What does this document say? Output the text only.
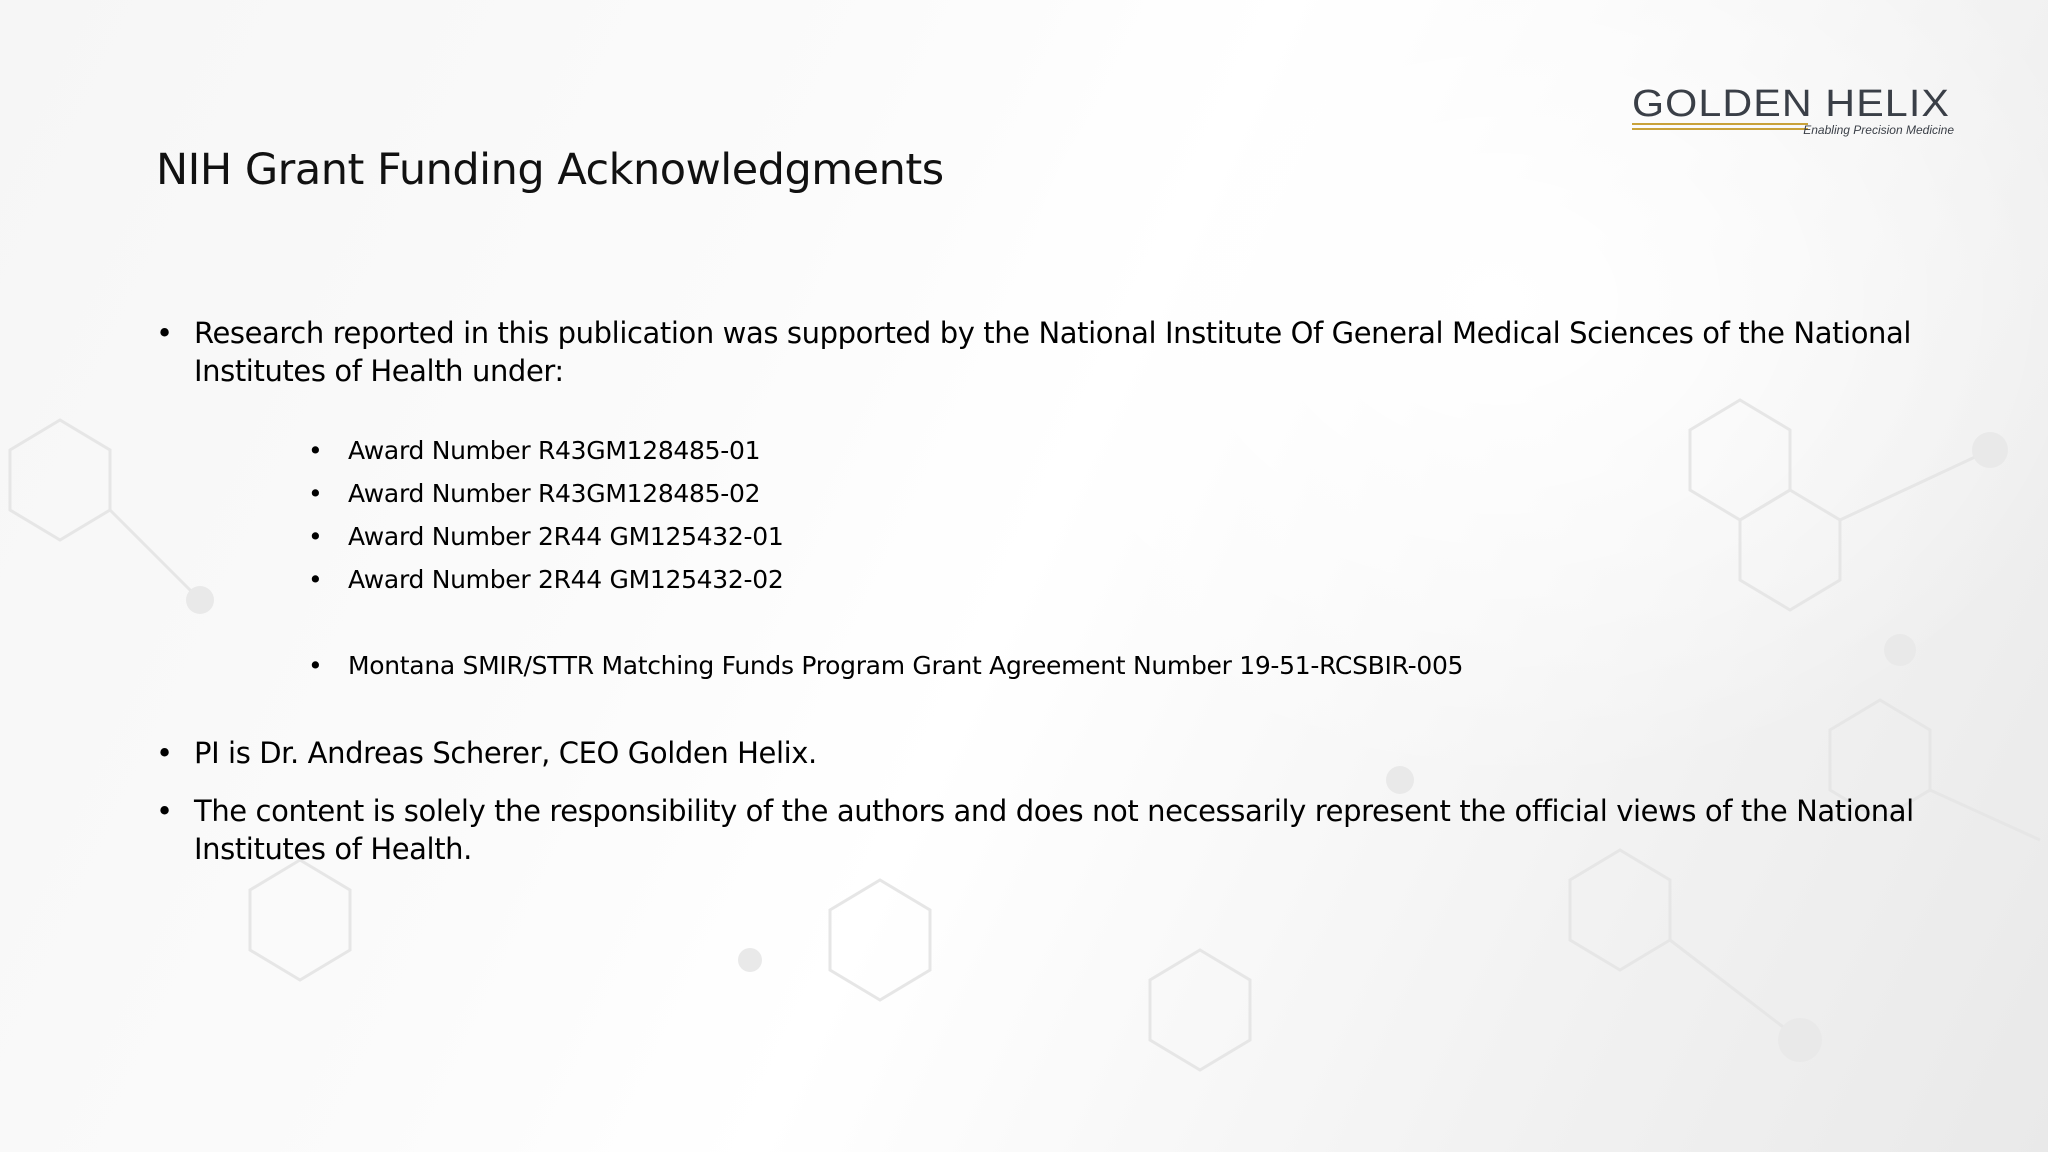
GOLDEN HELIX
Enabling Precision Medicine
NIH Grant Funding Acknowledgments
• Research reported in this publication was supported by the National Institute Of General Medical Sciences of the National Institutes of Health under:
• Award Number R43GM128485-01
• Award Number R43GM128485-02
• Award Number 2R44 GM125432-01
• Award Number 2R44 GM125432-02
• Montana SMIR/STTR Matching Funds Program Grant Agreement Number 19-51-RCSBIR-005
• PI is Dr. Andreas Scherer, CEO Golden Helix.
• The content is solely the responsibility of the authors and does not necessarily represent the official views of the National Institutes of Health.
